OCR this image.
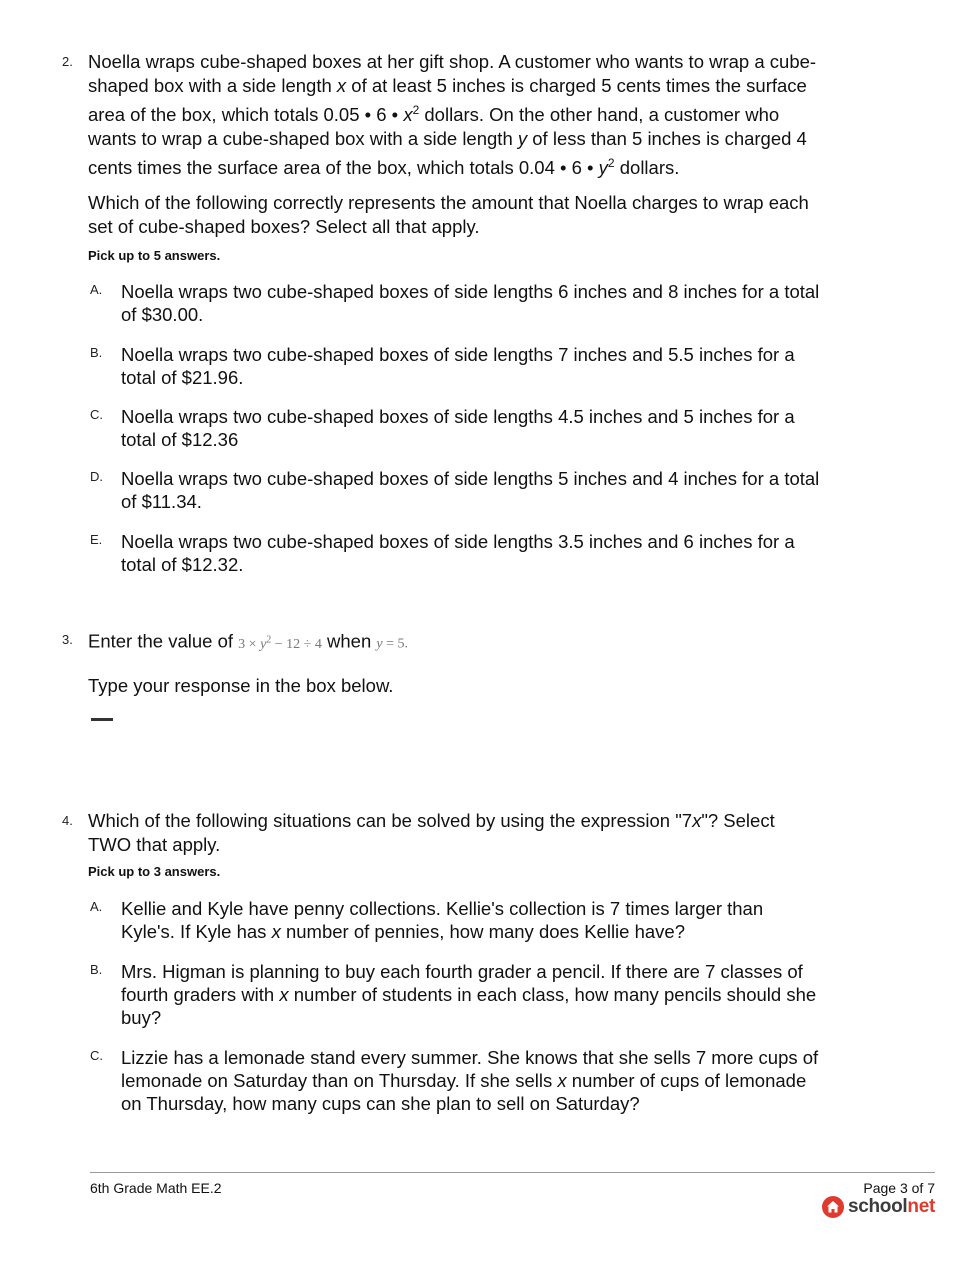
2. Noella wraps cube-shaped boxes at her gift shop. A customer who wants to wrap a cube-shaped box with a side length x of at least 5 inches is charged 5 cents times the surface area of the box, which totals 0.05 • 6 • $x^2$ dollars. On the other hand, a customer who wants to wrap a cube-shaped box with a side length y of less than 5 inches is charged 4 cents times the surface area of the box, which totals 0.04 • 6 • $y^2$ dollars.

Which of the following correctly represents the amount that Noella charges to wrap each set of cube-shaped boxes? Select all that apply.

Pick up to 5 answers.
A. Noella wraps two cube-shaped boxes of side lengths 6 inches and 8 inches for a total of $30.00.
B. Noella wraps two cube-shaped boxes of side lengths 7 inches and 5.5 inches for a total of $21.96.
C. Noella wraps two cube-shaped boxes of side lengths 4.5 inches and 5 inches for a total of $12.36
D. Noella wraps two cube-shaped boxes of side lengths 5 inches and 4 inches for a total of $11.34.
E. Noella wraps two cube-shaped boxes of side lengths 3.5 inches and 6 inches for a total of $12.32.
3. Enter the value of $3 \times y^2 - 12 \div 4$ when y = 5.

Type your response in the box below.

4. Which of the following situations can be solved by using the expression "7x"? Select TWO that apply.

Pick up to 3 answers.
A. Kellie and Kyle have penny collections. Kellie's collection is 7 times larger than Kyle's. If Kyle has x number of pennies, how many does Kellie have?
B. Mrs. Higman is planning to buy each fourth grader a pencil. If there are 7 classes of fourth graders with x number of students in each class, how many pencils should she buy?
C. Lizzie has a lemonade stand every summer. She knows that she sells 7 more cups of lemonade on Saturday than on Thursday. If she sells x number of cups of lemonade on Thursday, how many cups can she plan to sell on Saturday?
6th Grade Math EE.2	Page 3 of 7
schoolnet
